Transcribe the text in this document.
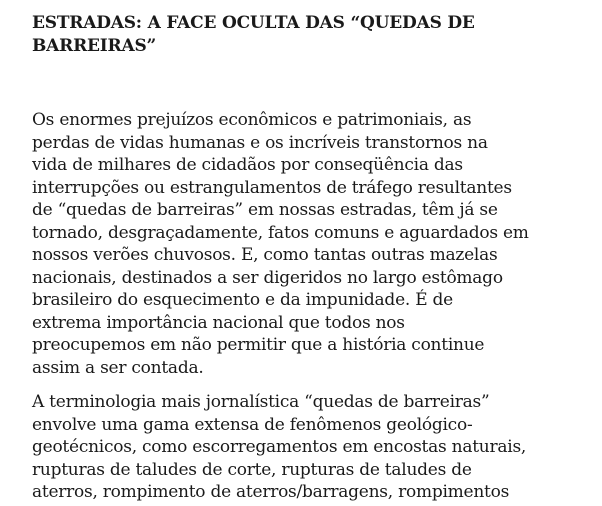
ESTRADAS: A FACE OCULTA DAS “QUEDAS DE
BARREIRAS”

Os enormes prejuízos econômicos e patrimoniais, as
perdas de vidas humanas e os incríveis transtornos na
vida de milhares de cidadãos por conseqüência das
interrupções ou estrangulamentos de tráfego resultantes
de “quedas de barreiras” em nossas estradas, têm já se
tornado, desgraçadamente, fatos comuns e aguardados em
nossos verões chuvosos. E, como tantas outras mazelas
nacionais, destinados a ser digeridos no largo estômago
brasileiro do esquecimento e da impunidade. É de
extrema importância nacional que todos nos
preocupemos em não permitir que a história continue
assim a ser contada.

A terminologia mais jornalística “quedas de barreiras”
envolve uma gama extensa de fenômenos geológico-
geotécnicos, como escorregamentos em encostas naturais,
rupturas de taludes de corte, rupturas de taludes de
aterros, rompimento de aterros/barragens, rompimentos
